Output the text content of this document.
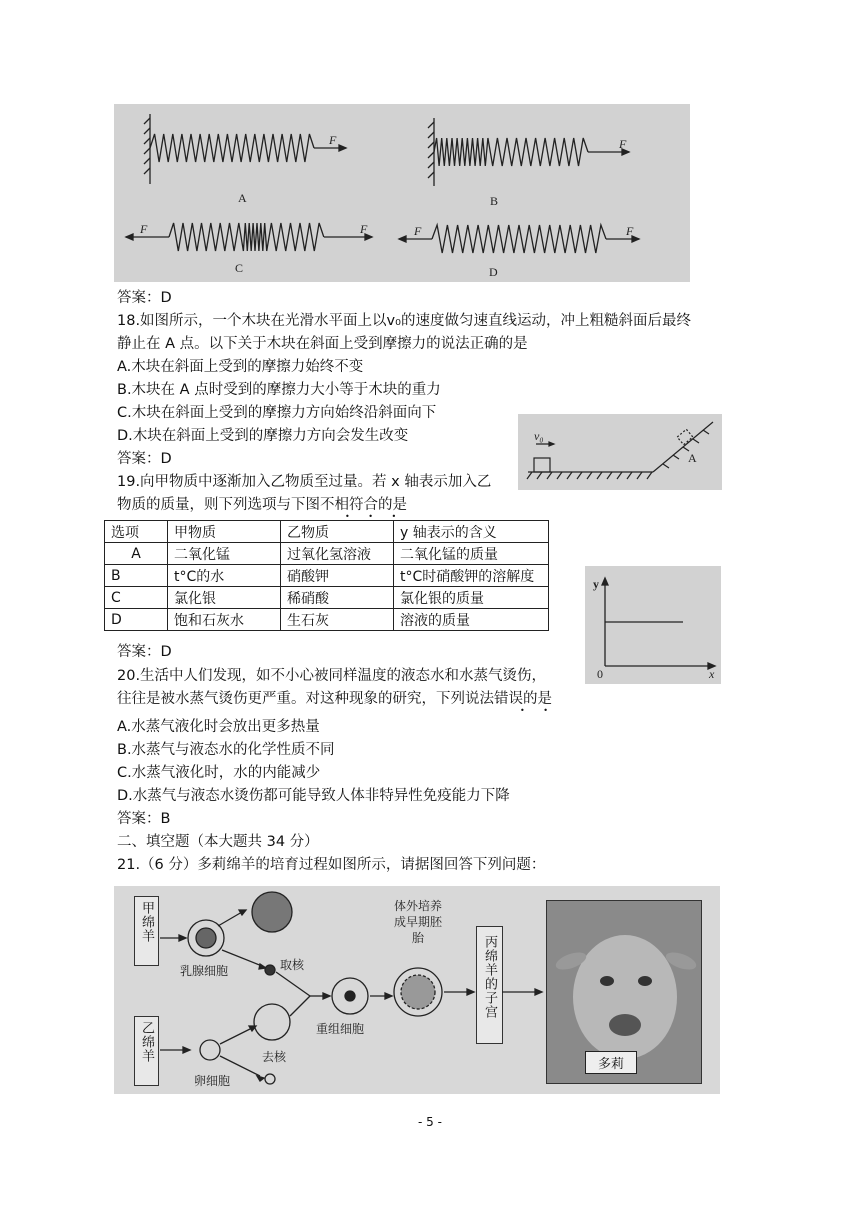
F	F
F	F	F	F
A	B
C	D
答案：D
18.如图所示，一个木块在光滑水平面上以v₀的速度做匀速直线运动，冲上粗糙斜面后最终
静止在 A 点。以下关于木块在斜面上受到摩擦力的说法正确的是
A.木块在斜面上受到的摩擦力始终不变
B.木块在 A 点时受到的摩擦力大小等于木块的重力
C.木块在斜面上受到的摩擦力方向始终沿斜面向下
D.木块在斜面上受到的摩擦力方向会发生改变
答案：D
v₀
A
19.向甲物质中逐渐加入乙物质至过量。若 x 轴表示加入乙
物质的质量，则下列选项与下图不相符合的是
• • •
选项	甲物质	乙物质	y 轴表示的含义
A	二氧化锰	过氧化氢溶液	二氧化锰的质量
B	t°C的水	硝酸钾	t°C时硝酸钾的溶解度
C	氯化银	稀硝酸	氯化银的质量
D	饱和石灰水	生石灰	溶液的质量
y
x
0
答案：D
20.生活中人们发现，如不小心被同样温度的液态水和水蒸气烫伤，
往往是被水蒸气烫伤更严重。对这种现象的研究，下列说法错误的是
• •
A.水蒸气液化时会放出更多热量
B.水蒸气与液态水的化学性质不同
C.水蒸气液化时，水的内能减少
D.水蒸气与液态水烫伤都可能导致人体非特异性免疫能力下降
答案：B
二、填空题（本大题共 34 分）
21.（6 分）多莉绵羊的培育过程如图所示，请据图回答下列问题：
甲绵羊
乙绵羊
丙绵羊的子宫
多莉
乳腺细胞	取核
卵细胞
去核
重组细胞
体外培养成早期胚胎
- 5 -
